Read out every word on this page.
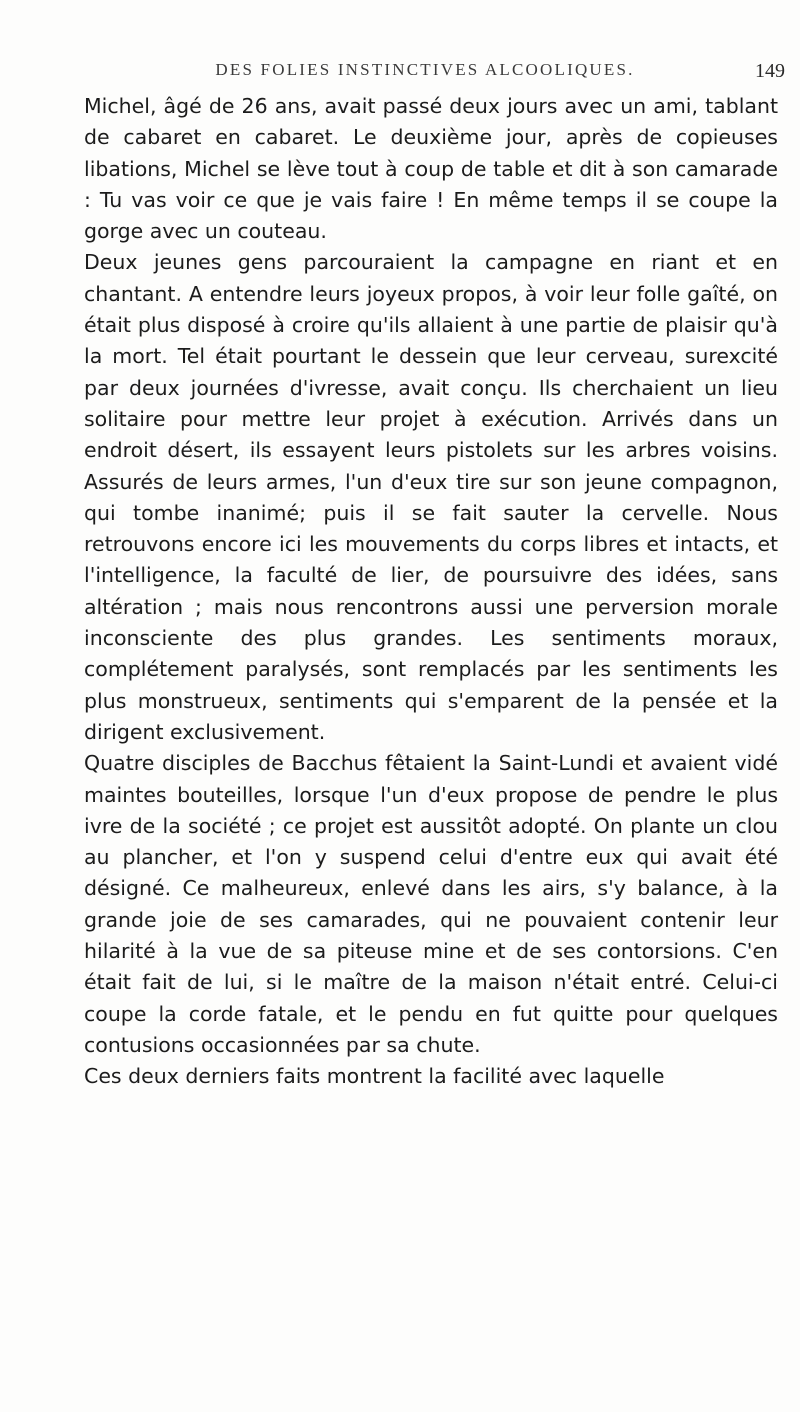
DES FOLIES INSTINCTIVES ALCOOLIQUES.	149

Michel, âgé de 26 ans, avait passé deux jours avec un ami, tablant de cabaret en cabaret. Le deuxième jour, après de copieuses libations, Michel se lève tout à coup de table et dit à son camarade : Tu vas voir ce que je vais faire ! En même temps il se coupe la gorge avec un couteau.

Deux jeunes gens parcouraient la campagne en riant et en chantant. A entendre leurs joyeux propos, à voir leur folle gaîté, on était plus disposé à croire qu'ils allaient à une partie de plaisir qu'à la mort. Tel était pourtant le dessein que leur cerveau, surexcité par deux journées d'ivresse, avait conçu. Ils cherchaient un lieu solitaire pour mettre leur projet à exécution. Arrivés dans un endroit désert, ils essayent leurs pistolets sur les arbres voisins. Assurés de leurs armes, l'un d'eux tire sur son jeune compagnon, qui tombe inanimé; puis il se fait sauter la cervelle. Nous retrouvons encore ici les mouvements du corps libres et intacts, et l'intelligence, la faculté de lier, de poursuivre des idées, sans altération ; mais nous rencontrons aussi une perversion morale inconsciente des plus grandes. Les sentiments moraux, complétement paralysés, sont remplacés par les sentiments les plus monstrueux, sentiments qui s'emparent de la pensée et la dirigent exclusivement.

Quatre disciples de Bacchus fêtaient la Saint-Lundi et avaient vidé maintes bouteilles, lorsque l'un d'eux propose de pendre le plus ivre de la société ; ce projet est aussitôt adopté. On plante un clou au plancher, et l'on y suspend celui d'entre eux qui avait été désigné. Ce malheureux, enlevé dans les airs, s'y balance, à la grande joie de ses camarades, qui ne pouvaient contenir leur hilarité à la vue de sa piteuse mine et de ses contorsions. C'en était fait de lui, si le maître de la maison n'était entré. Celui-ci coupe la corde fatale, et le pendu en fut quitte pour quelques contusions occasionnées par sa chute.

Ces deux derniers faits montrent la facilité avec laquelle
